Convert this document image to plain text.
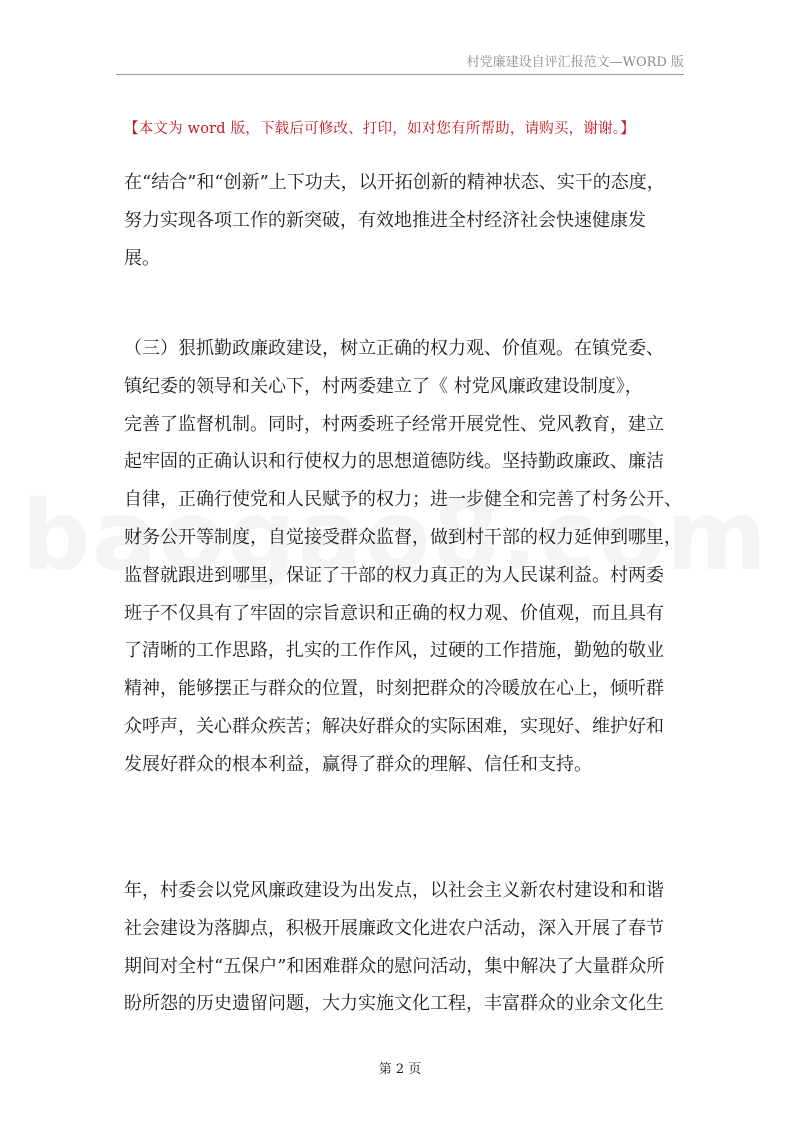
村党廉建设自评汇报范文—WORD 版
【本文为 word 版，下载后可修改、打印，如对您有所帮助，请购买，谢谢。】

在“结合”和“创新”上下功夫，以开拓创新的精神状态、实干的态度，
努力实现各项工作的新突破，有效地推进全村经济社会快速健康发
展。

（三）狠抓勤政廉政建设，树立正确的权力观、价值观。在镇党委、
镇纪委的领导和关心下，村两委建立了《 村党风廉政建设制度》，
完善了监督机制。同时，村两委班子经常开展党性、党风教育，建立
起牢固的正确认识和行使权力的思想道德防线。坚持勤政廉政、廉洁
自律，正确行使党和人民赋予的权力；进一步健全和完善了村务公开、
财务公开等制度，自觉接受群众监督，做到村干部的权力延伸到哪里，
监督就跟进到哪里，保证了干部的权力真正的为人民谋利益。村两委
班子不仅具有了牢固的宗旨意识和正确的权力观、价值观，而且具有
了清晰的工作思路，扎实的工作作风，过硬的工作措施，勤勉的敬业
精神，能够摆正与群众的位置，时刻把群众的冷暖放在心上，倾听群
众呼声，关心群众疾苦；解决好群众的实际困难，实现好、维护好和
发展好群众的根本利益，赢得了群众的理解、信任和支持。

年，村委会以党风廉政建设为出发点，以社会主义新农村建设和和谐
社会建设为落脚点，积极开展廉政文化进农户活动，深入开展了春节
期间对全村“五保户”和困难群众的慰问活动，集中解决了大量群众所
盼所怨的历史遗留问题，大力实施文化工程，丰富群众的业余文化生

第 2 页
